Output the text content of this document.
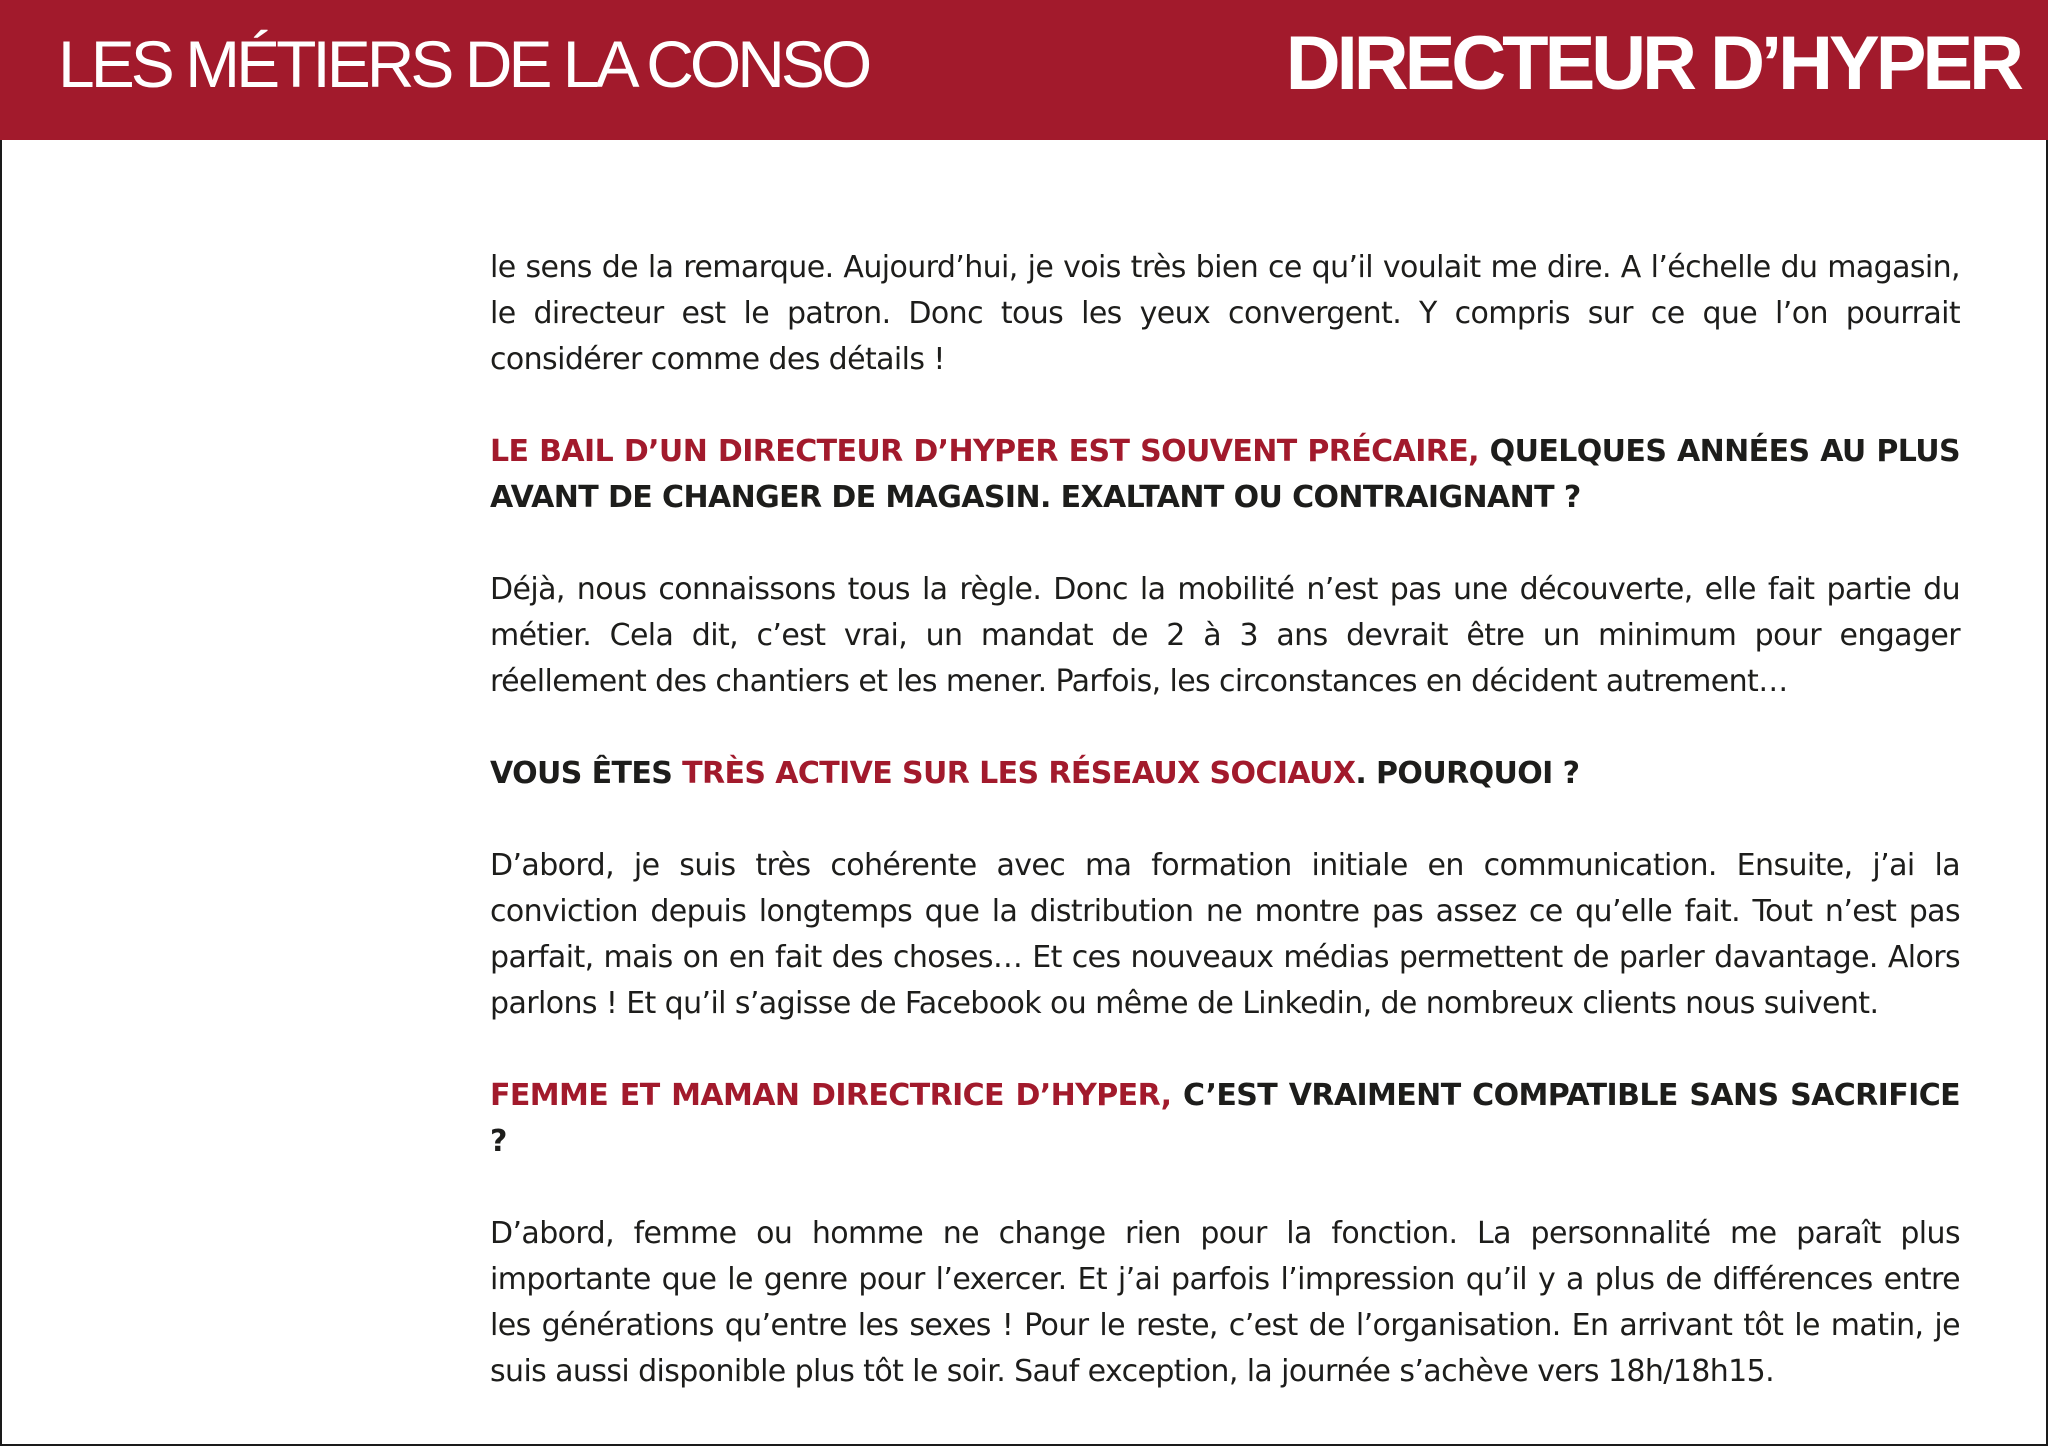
LES MÉTIERS DE LA CONSO	DIRECTEUR D’HYPER

le sens de la remarque. Aujourd’hui, je vois très bien ce qu’il voulait me dire. A l’échelle du magasin, le directeur est le patron. Donc tous les yeux convergent. Y compris sur ce que l’on pourrait considérer comme des détails !

LE BAIL D’UN DIRECTEUR D’HYPER EST SOUVENT PRÉCAIRE, QUELQUES ANNÉES AU PLUS AVANT DE CHANGER DE MAGASIN. EXALTANT OU CONTRAIGNANT ?

Déjà, nous connaissons tous la règle. Donc la mobilité n’est pas une découverte, elle fait partie du métier. Cela dit, c’est vrai, un mandat de 2 à 3 ans devrait être un minimum pour engager réellement des chantiers et les mener. Parfois, les circonstances en décident autrement…

VOUS ÊTES TRÈS ACTIVE SUR LES RÉSEAUX SOCIAUX. POURQUOI ?

D’abord, je suis très cohérente avec ma formation initiale en communication. Ensuite, j’ai la conviction depuis longtemps que la distribution ne montre pas assez ce qu’elle fait. Tout n’est pas parfait, mais on en fait des choses… Et ces nouveaux médias permettent de parler davantage. Alors parlons ! Et qu’il s’agisse de Facebook ou même de Linkedin, de nombreux clients nous suivent.

FEMME ET MAMAN DIRECTRICE D’HYPER, C’EST VRAIMENT COMPATIBLE SANS SACRIFICE ?

D’abord, femme ou homme ne change rien pour la fonction. La personnalité me paraît plus importante que le genre pour l’exercer. Et j’ai parfois l’impression qu’il y a plus de différences entre les générations qu’entre les sexes ! Pour le reste, c’est de l’organisation. En arrivant tôt le matin, je suis aussi disponible plus tôt le soir. Sauf exception, la journée s’achève vers 18h/18h15.
